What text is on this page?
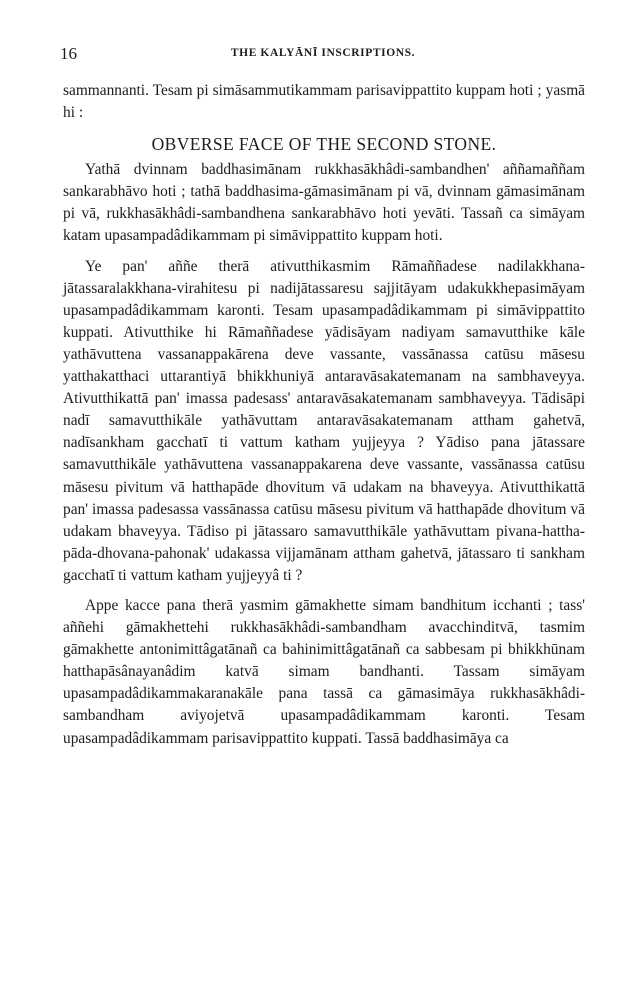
16	THE KALYĀNĪ INSCRIPTIONS.

sammannanti. Tesam pi simāsammutikammam parisavippattito kuppam hoti ; yasmā hi :

OBVERSE FACE OF THE SECOND STONE.

Yathā dvinnam baddhasimānam rukkhasākhâdi-sambandhen' aññamaññam sankarabhāvo hoti ; tathā baddhasima-gāmasimānam pi vā, dvinnam gāmasimānam pi vā, rukkhasākhâdi-sambandhena sankarabhāvo hoti yevāti. Tassañ ca simāyam katam upasampadâdikammam pi simāvippattito kuppam hoti.

Ye pan' aññe therā ativutthikasmim Rāmaññadese nadilakkhana-jātassaralakkhana-virahitesu pi nadijātassaresu sajjitāyam udakukkhepasimāyam upasampadâdikammam karonti. Tesam upasampadâdikammam pi simāvippattito kuppati. Ativutthike hi Rāmaññadese yādisāyam nadiyam samavutthike kāle yathāvuttena vassanappakārena deve vassante, vassānassa catūsu māsesu yatthakatthaci uttarantiyā bhikkhuniyā antaravāsakatemanam na sambhaveyya. Ativutthikattā pan' imassa padesass' antaravāsakatemanam sambhaveyya. Tādisāpi nadī samavutthikāle yathāvuttam antaravāsakatemanam attham gahetvā, nadīsankham gacchatī ti vattum katham yujjeyya ? Yādiso pana jātassare samavutthikāle yathāvuttena vassanappakarena deve vassante, vassānassa catūsu māsesu pivitum vā hatthapāde dhovitum vā udakam na bhaveyya. Ativutthikattā pan' imassa padesassa vassānassa catūsu māsesu pivitum vā hatthapāde dhovitum vā udakam bhaveyya. Tādiso pi jātassaro samavutthikāle yathāvuttam pivana-hattha-pāda-dhovana-pahonak' udakassa vijjamānam attham gahetvā, jātassaro ti sankham gacchatī ti vattum katham yujjeyyâ ti ?

Appe kacce pana therā yasmim gāmakhette simam bandhitum icchanti ; tass' aññehi gāmakhettehi rukkhasākhâdi-sambandham avacchinditvā, tasmim gāmakhette antonimittâgatānañ ca bahinimittâgatānañ ca sabbesam pi bhikkhūnam hatthapāsânayanâdim katvā simam bandhanti. Tassam simāyam upasampadâdikammakaranakāle pana tassā ca gāmasimāya rukkhasākhâdi-sambandham aviyojetvā upasampadâdikammam karonti. Tesam upasampadâdikammam parisavippattito kuppati. Tassā baddhasimāya ca
